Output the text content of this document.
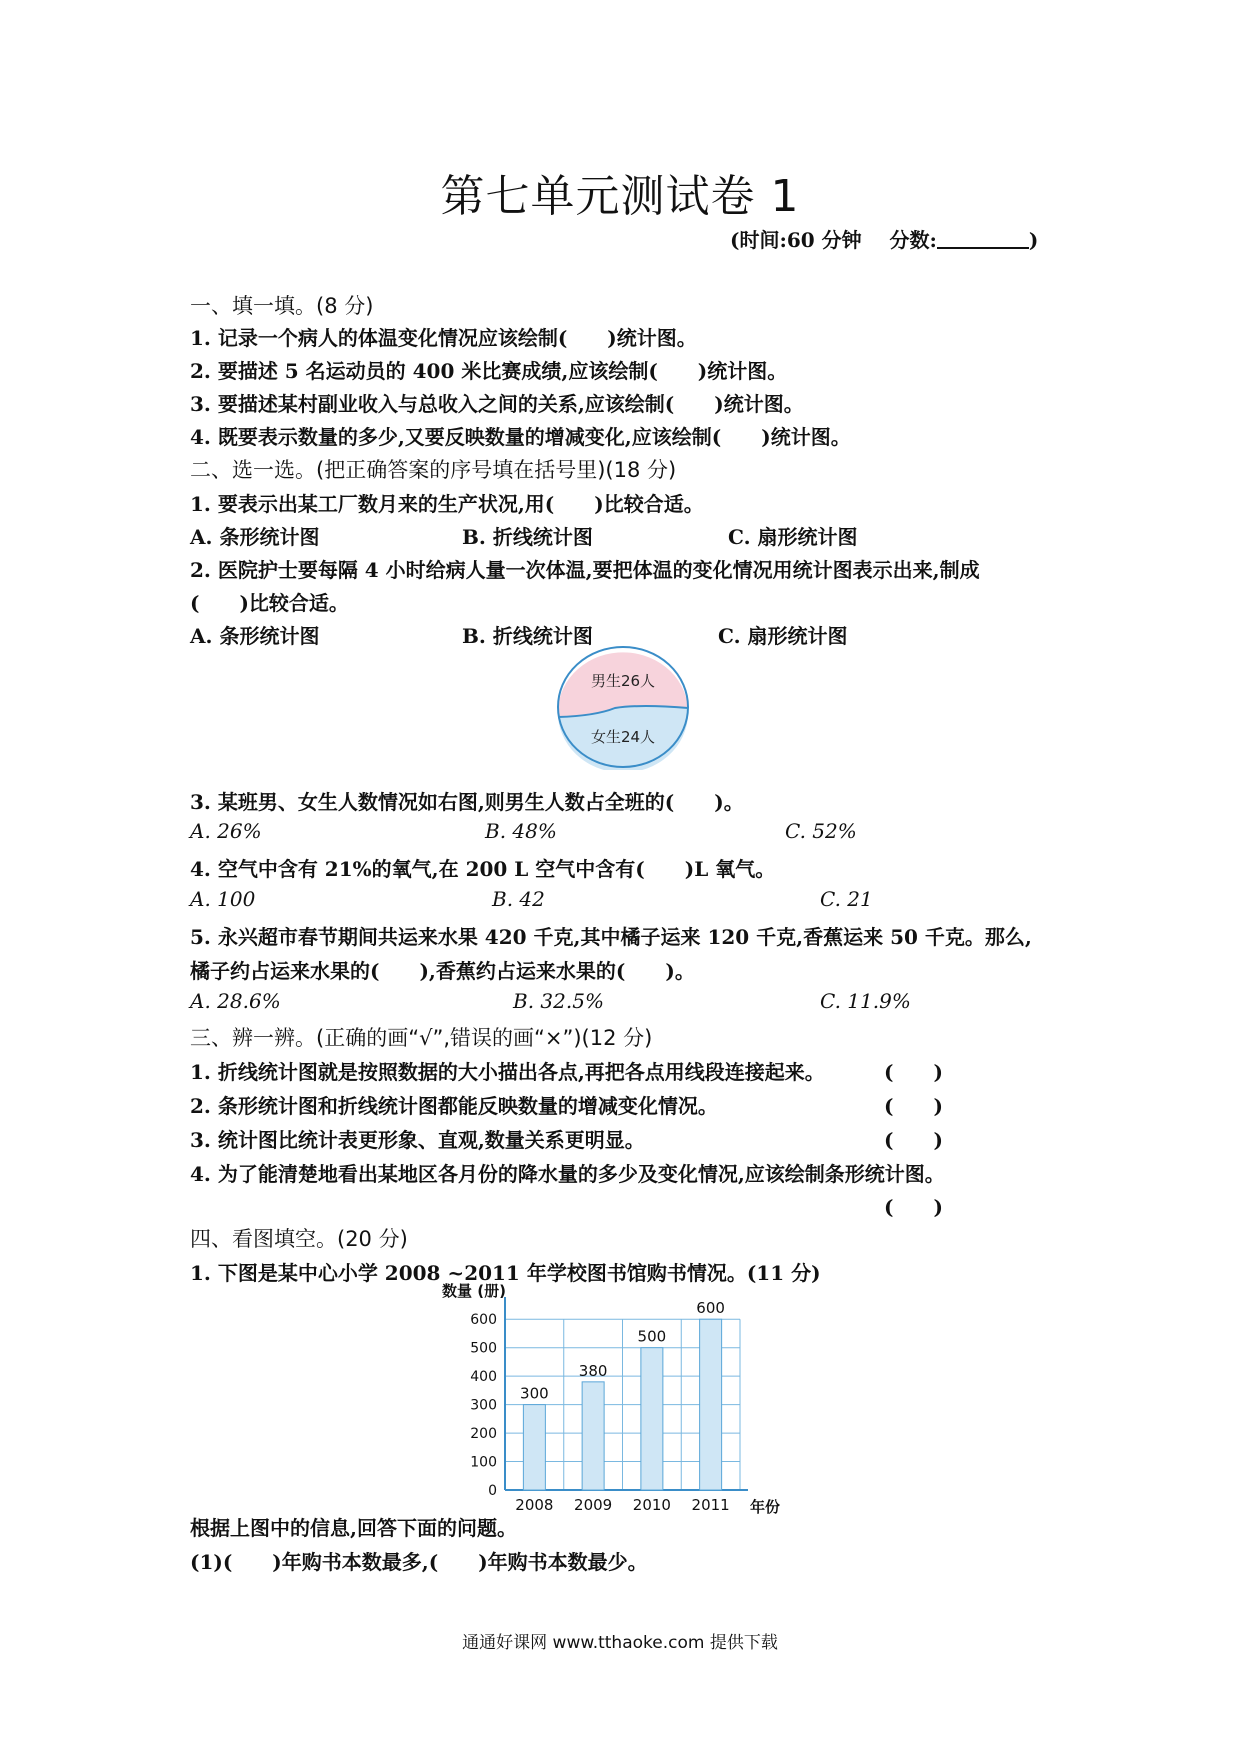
第七单元测试卷 1
(时间:60 分钟 分数:	)
一、填一填。(8 分)
1. 记录一个病人的体温变化情况应该绘制(　　)统计图。
2. 要描述 5 名运动员的 400 米比赛成绩,应该绘制(　　)统计图。
3. 要描述某村副业收入与总收入之间的关系,应该绘制(　　)统计图。
4. 既要表示数量的多少,又要反映数量的增减变化,应该绘制(　　)统计图。
二、选一选。(把正确答案的序号填在括号里)(18 分)
1. 要表示出某工厂数月来的生产状况,用(　　)比较合适。
A. 条形统计图	B. 折线统计图	C. 扇形统计图
2. 医院护士要每隔 4 小时给病人量一次体温,要把体温的变化情况用统计图表示出来,制成
(　　)比较合适。
A. 条形统计图	B. 折线统计图	C. 扇形统计图
男生26人
女生24人
3. 某班男、女生人数情况如右图,则男生人数占全班的(　　)。
A. 26%	B. 48%	C. 52%
4. 空气中含有 21%的氧气,在 200 L 空气中含有(　　)L 氧气。
A. 100	B. 42	C. 21
5. 永兴超市春节期间共运来水果 420 千克,其中橘子运来 120 千克,香蕉运来 50 千克。那么,
橘子约占运来水果的(　　),香蕉约占运来水果的(　　)。
A. 28.6%	B. 32.5%	C. 11.9%
三、辨一辨。(正确的画“√”,错误的画“×”)(12 分)
1. 折线统计图就是按照数据的大小描出各点,再把各点用线段连接起来。	(　　)
2. 条形统计图和折线统计图都能反映数量的增减变化情况。	(　　)
3. 统计图比统计表更形象、直观,数量关系更明显。	(　　)
4. 为了能清楚地看出某地区各月份的降水量的多少及变化情况,应该绘制条形统计图。
(　　)
四、看图填空。(20 分)
1. 下图是某中心小学 2008 ~2011 年学校图书馆购书情况。(11 分)
数量 (册)
0
100
200
300
400
500
600
300
2008
380
2009
500
2010
600
2011 年份
根据上图中的信息,回答下面的问题。
(1)(　　)年购书本数最多,(　　)年购书本数最少。
通通好课网 www.tthaoke.com 提供下载
